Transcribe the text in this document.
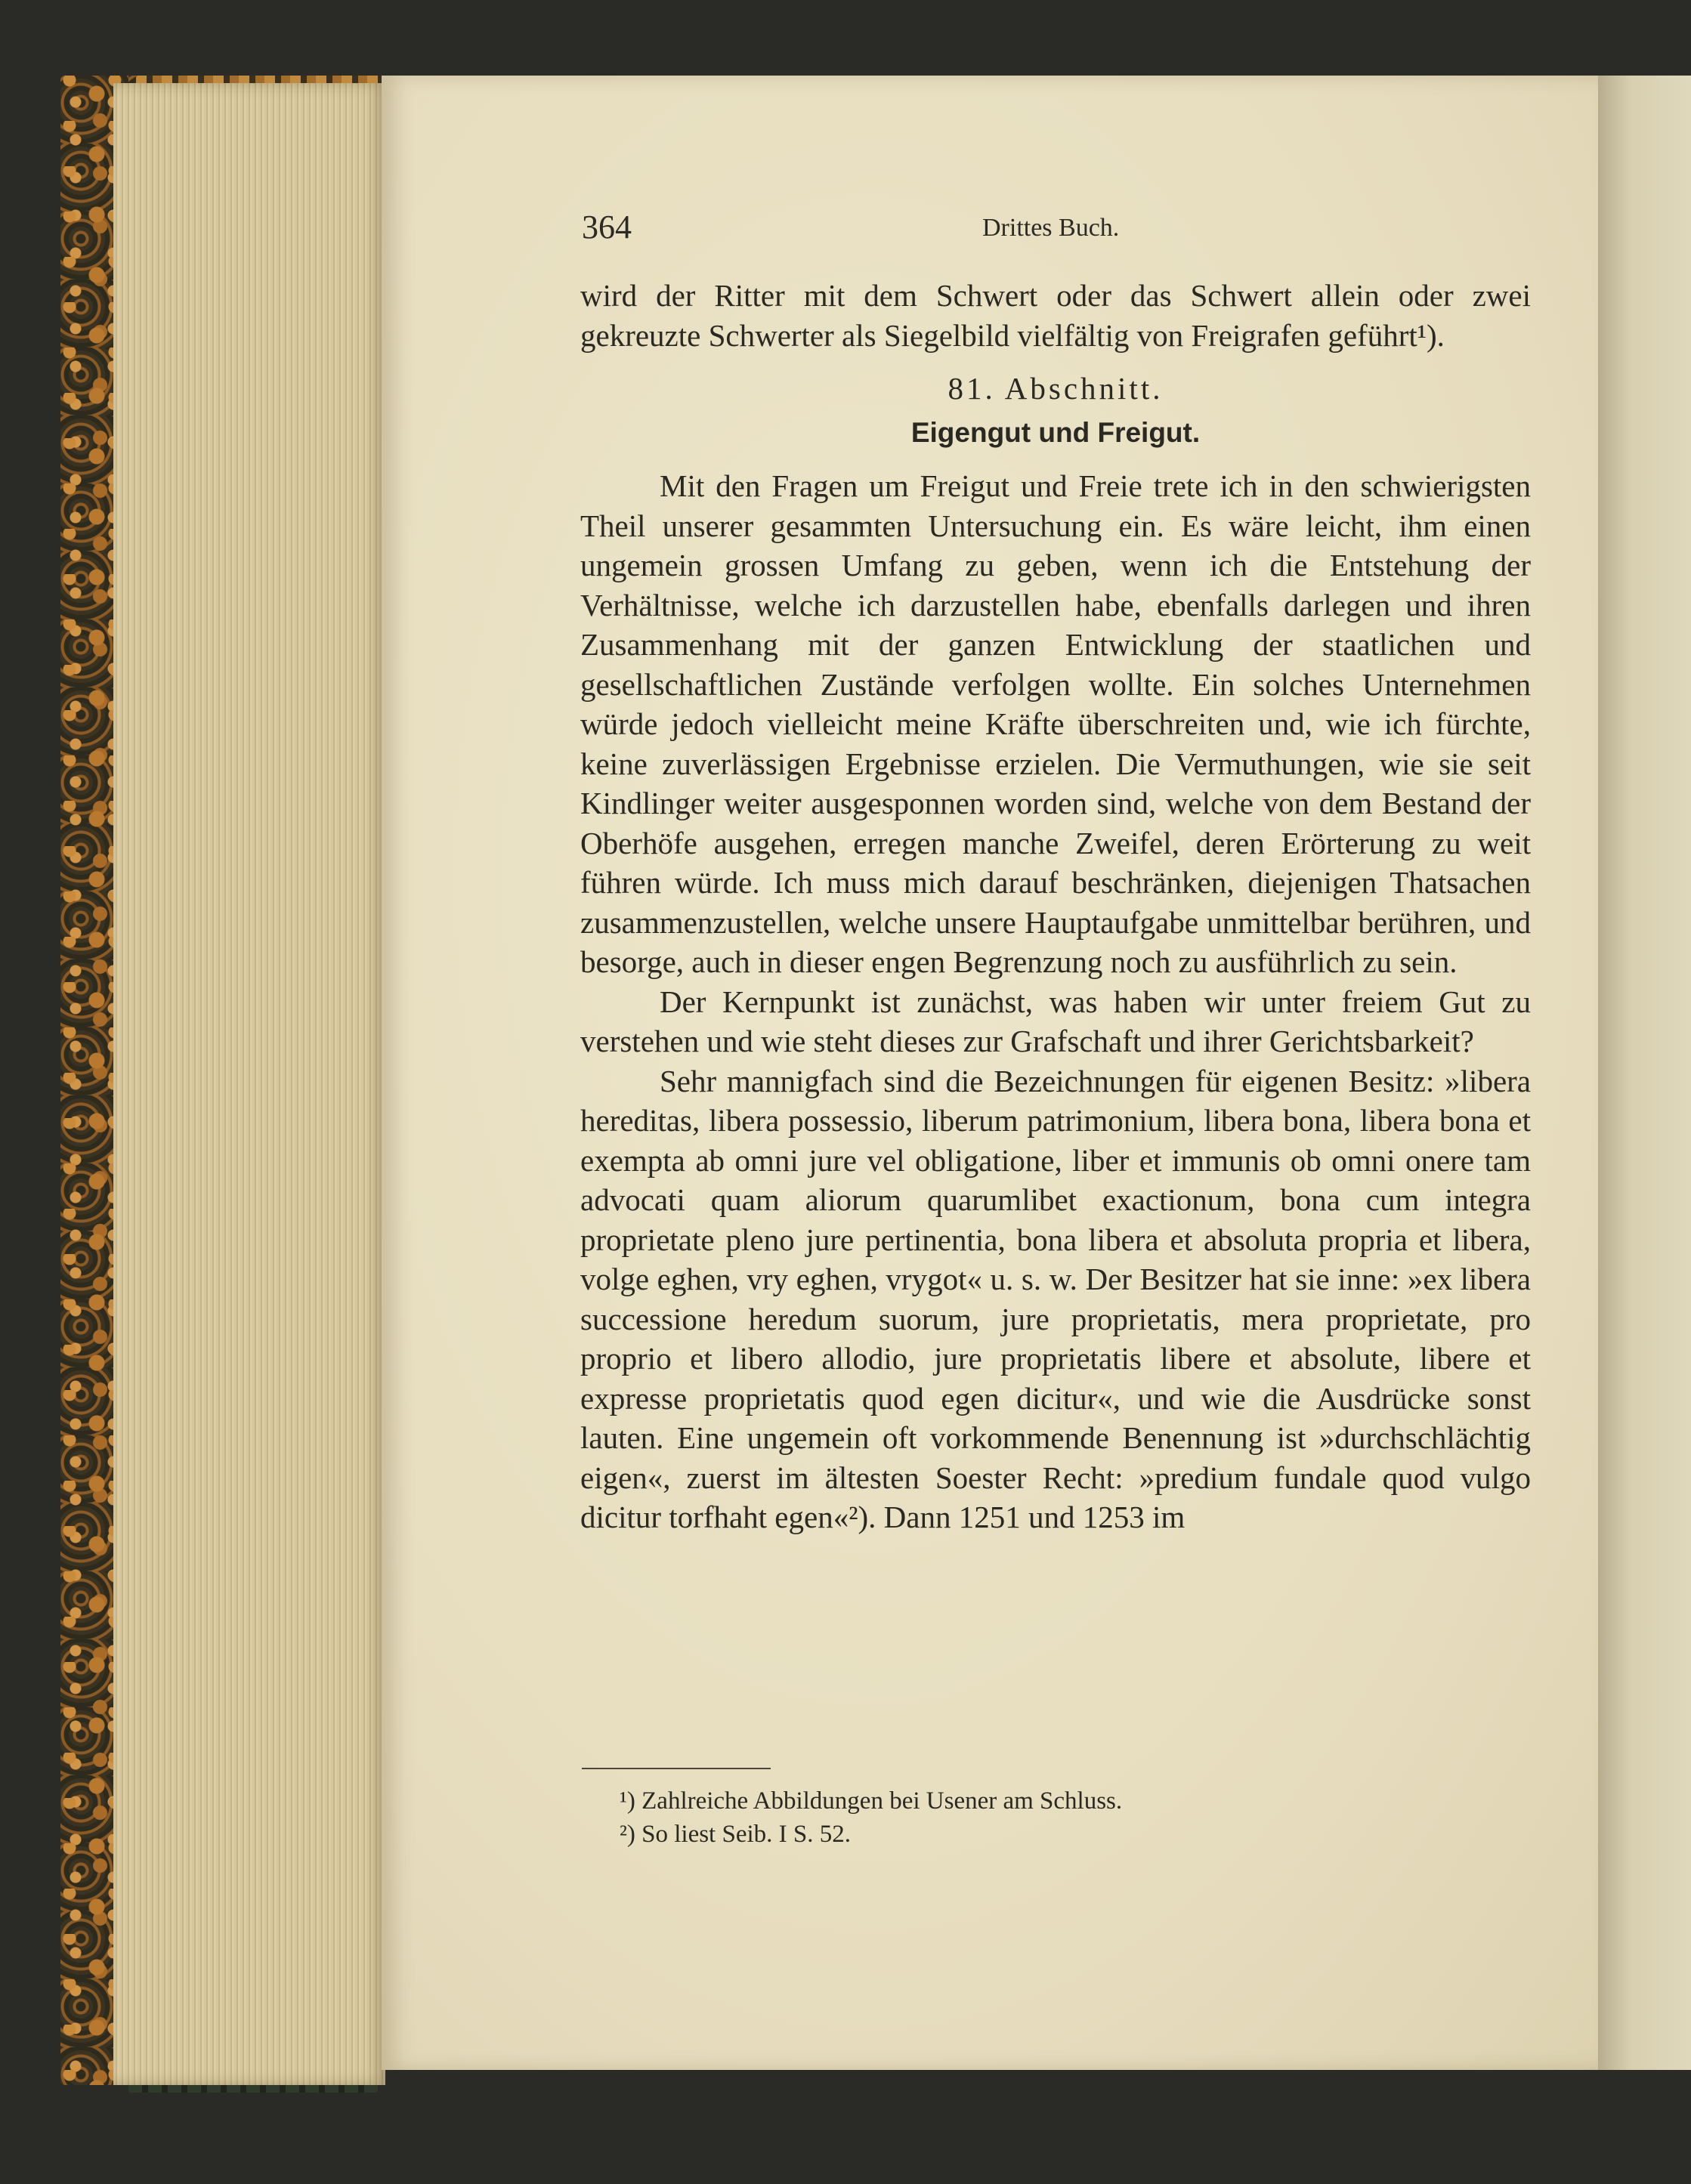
364	Drittes Buch.

wird der Ritter mit dem Schwert oder das Schwert allein oder zwei gekreuzte Schwerter als Siegelbild vielfältig von Freigrafen geführt¹).

81. Abschnitt.

Eigengut und Freigut.

Mit den Fragen um Freigut und Freie trete ich in den schwierigsten Theil unserer gesammten Untersuchung ein. Es wäre leicht, ihm einen ungemein grossen Umfang zu geben, wenn ich die Entstehung der Verhältnisse, welche ich darzustellen habe, ebenfalls darlegen und ihren Zusammenhang mit der ganzen Entwicklung der staatlichen und gesellschaftlichen Zustände verfolgen wollte. Ein solches Unternehmen würde jedoch vielleicht meine Kräfte überschreiten und, wie ich fürchte, keine zuverlässigen Ergebnisse erzielen. Die Vermuthungen, wie sie seit Kindlinger weiter ausgesponnen worden sind, welche von dem Bestand der Oberhöfe ausgehen, erregen manche Zweifel, deren Erörterung zu weit führen würde. Ich muss mich darauf beschränken, diejenigen Thatsachen zusammenzustellen, welche unsere Hauptaufgabe unmittelbar berühren, und besorge, auch in dieser engen Begrenzung noch zu ausführlich zu sein.

Der Kernpunkt ist zunächst, was haben wir unter freiem Gut zu verstehen und wie steht dieses zur Grafschaft und ihrer Gerichtsbarkeit?

Sehr mannigfach sind die Bezeichnungen für eigenen Besitz: »libera hereditas, libera possessio, liberum patrimonium, libera bona, libera bona et exempta ab omni jure vel obligatione, liber et immunis ob omni onere tam advocati quam aliorum quarumlibet exactionum, bona cum integra proprietate pleno jure pertinentia, bona libera et absoluta propria et libera, volge eghen, vry eghen, vrygot« u. s. w. Der Besitzer hat sie inne: »ex libera successione heredum suorum, jure proprietatis, mera proprietate, pro proprio et libero allodio, jure proprietatis libere et absolute, libere et expresse proprietatis quod egen dicitur«, und wie die Ausdrücke sonst lauten. Eine ungemein oft vorkommende Benennung ist »durchschlächtig eigen«, zuerst im ältesten Soester Recht: »predium fundale quod vulgo dicitur torfhaht egen«²). Dann 1251 und 1253 im

¹) Zahlreiche Abbildungen bei Usener am Schluss.
²) So liest Seib. I S. 52.
